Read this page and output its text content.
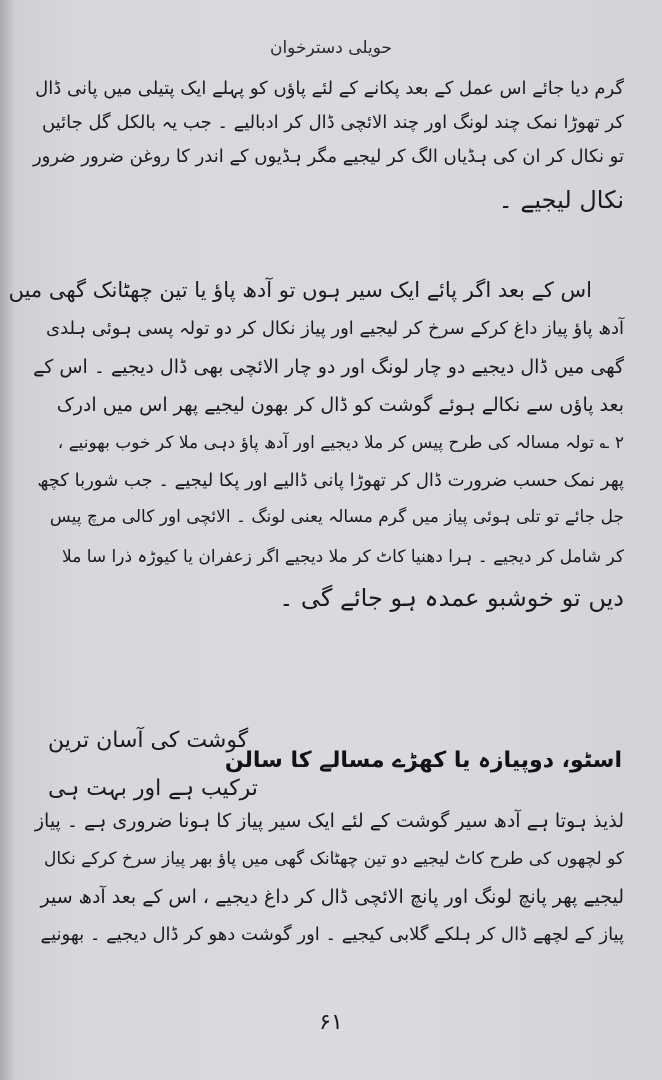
حویلی دسترخوان
گرم دیا جائے اس عمل کے بعد پکانے کے لئے پاؤں کو پہلے ایک پتیلی میں پانی ڈال
کر تھوڑا نمک چند لونگ اور چند الائچی ڈال کر ادبالیے ۔ جب یہ بالکل گل جائیں
تو نکال کر ان کی ہڈیاں الگ کر لیجیے مگر ہڈیوں کے اندر کا روغن ضرور ضرور
نکال لیجیے ۔
اس کے بعد اگر پائے ایک سیر ہوں تو آدھ پاؤ یا تین چھٹانک گھی میں
آدھ پاؤ پیاز داغ کرکے سرخ کر لیجیے اور پیاز نکال کر دو تولہ پسی ہوئی ہلدی
گھی میں ڈال دیجیے دو چار لونگ اور دو چار الائچی بھی ڈال دیجیے ۔ اس کے
بعد پاؤں سے نکالے ہوئے گوشت کو ڈال کر بھون لیجیے پھر اس میں ادرک
۲ ؎ تولہ مسالہ کی طرح پیس کر ملا دیجیے اور آدھ پاؤ دہی ملا کر خوب بھونیے ،
پھر نمک حسب ضرورت ڈال کر تھوڑا پانی ڈالیے اور پکا لیجیے ۔ جب شوربا کچھ
جل جائے تو تلی ہوئی پیاز میں گرم مسالہ یعنی لونگ ۔ الائچی اور کالی مرچ پیس
کر شامل کر دیجیے ۔ ہرا دھنیا کاٹ کر ملا دیجیے اگر زعفران یا کیوڑہ ذرا سا ملا
دیں تو خوشبو عمدہ ہو جائے گی ۔
گوشت کی آسان ترین
اسٹو، دوپیازہ یا کھڑے مسالے کا سالن
ترکیب ہے اور بہت ہی
لذیذ ہوتا ہے آدھ سیر گوشت کے لئے ایک سیر پیاز کا ہونا ضروری ہے ۔ پیاز
کو لچھوں کی طرح کاٹ لیجیے دو تین چھٹانک گھی میں پاؤ بھر پیاز سرخ کرکے نکال
لیجیے پھر پانچ لونگ اور پانچ الائچی ڈال کر داغ دیجیے ، اس کے بعد آدھ سیر
پیاز کے لچھے ڈال کر ہلکے گلابی کیجیے ۔ اور گوشت دھو کر ڈال دیجیے ۔ بھونیے
۶۱
